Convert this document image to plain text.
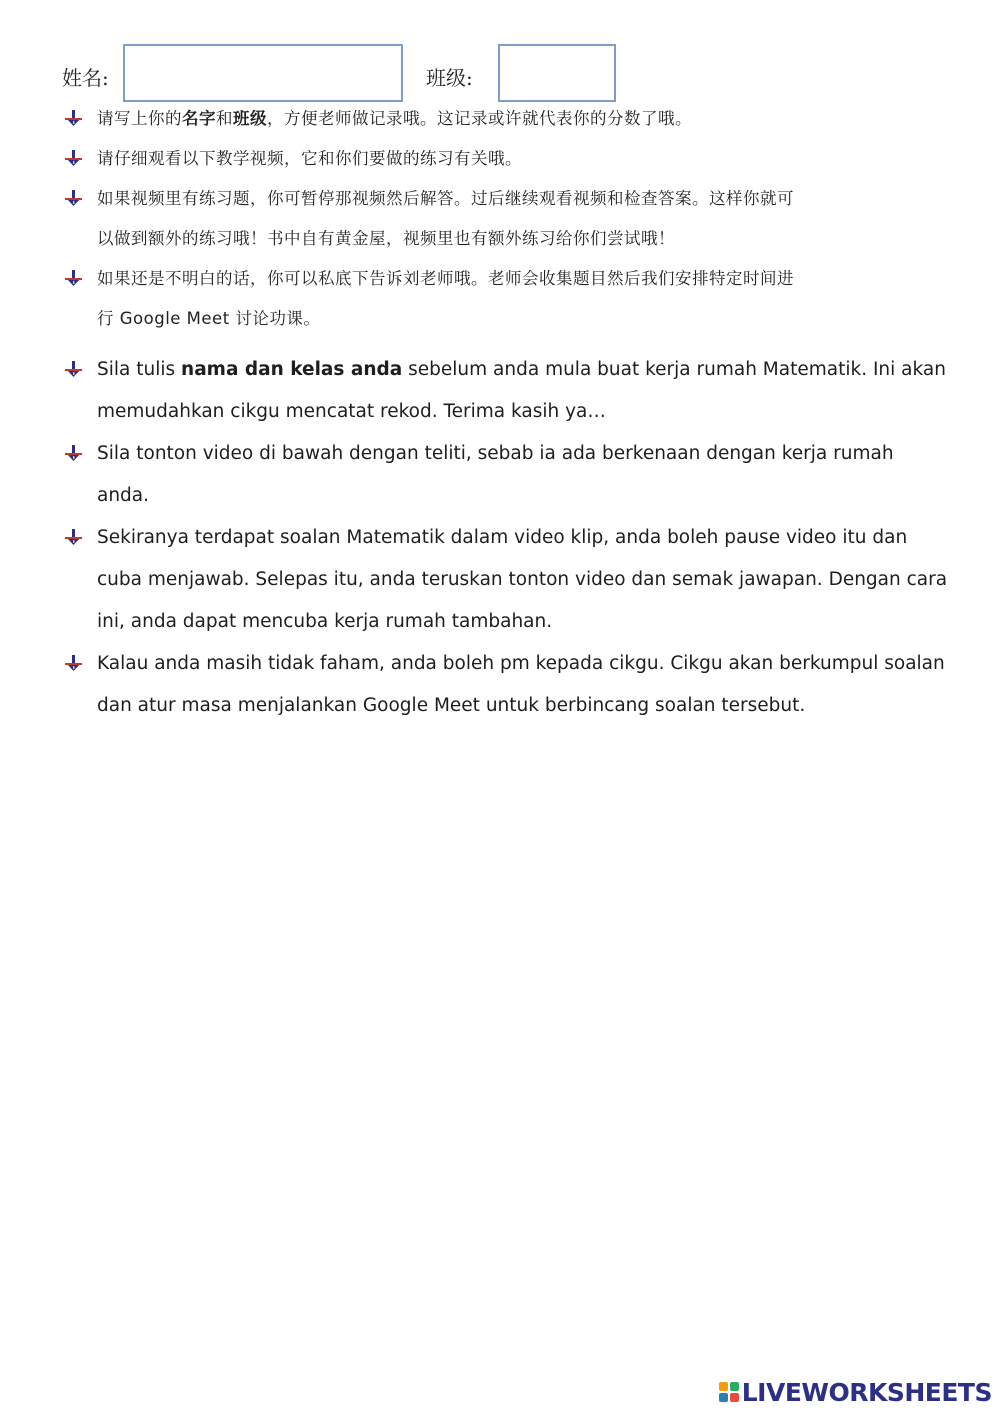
姓名:	班级:
请写上你的名字和班级，方便老师做记录哦。这记录或许就代表你的分数了哦。
请仔细观看以下教学视频，它和你们要做的练习有关哦。
如果视频里有练习题，你可暂停那视频然后解答。过后继续观看视频和检查答案。这样你就可
以做到额外的练习哦！书中自有黄金屋，视频里也有额外练习给你们尝试哦！
如果还是不明白的话，你可以私底下告诉刘老师哦。老师会收集题目然后我们安排特定时间进
行 Google Meet 讨论功课。
Sila tulis nama dan kelas anda sebelum anda mula buat kerja rumah Matematik. Ini akan
memudahkan cikgu mencatat rekod. Terima kasih ya…
Sila tonton video di bawah dengan teliti, sebab ia ada berkenaan dengan kerja rumah
anda.
Sekiranya terdapat soalan Matematik dalam video klip, anda boleh pause video itu dan
cuba menjawab. Selepas itu, anda teruskan tonton video dan semak jawapan. Dengan cara
ini, anda dapat mencuba kerja rumah tambahan.
Kalau anda masih tidak faham, anda boleh pm kepada cikgu. Cikgu akan berkumpul soalan
dan atur masa menjalankan Google Meet untuk berbincang soalan tersebut.
LIVEWORKSHEETS
